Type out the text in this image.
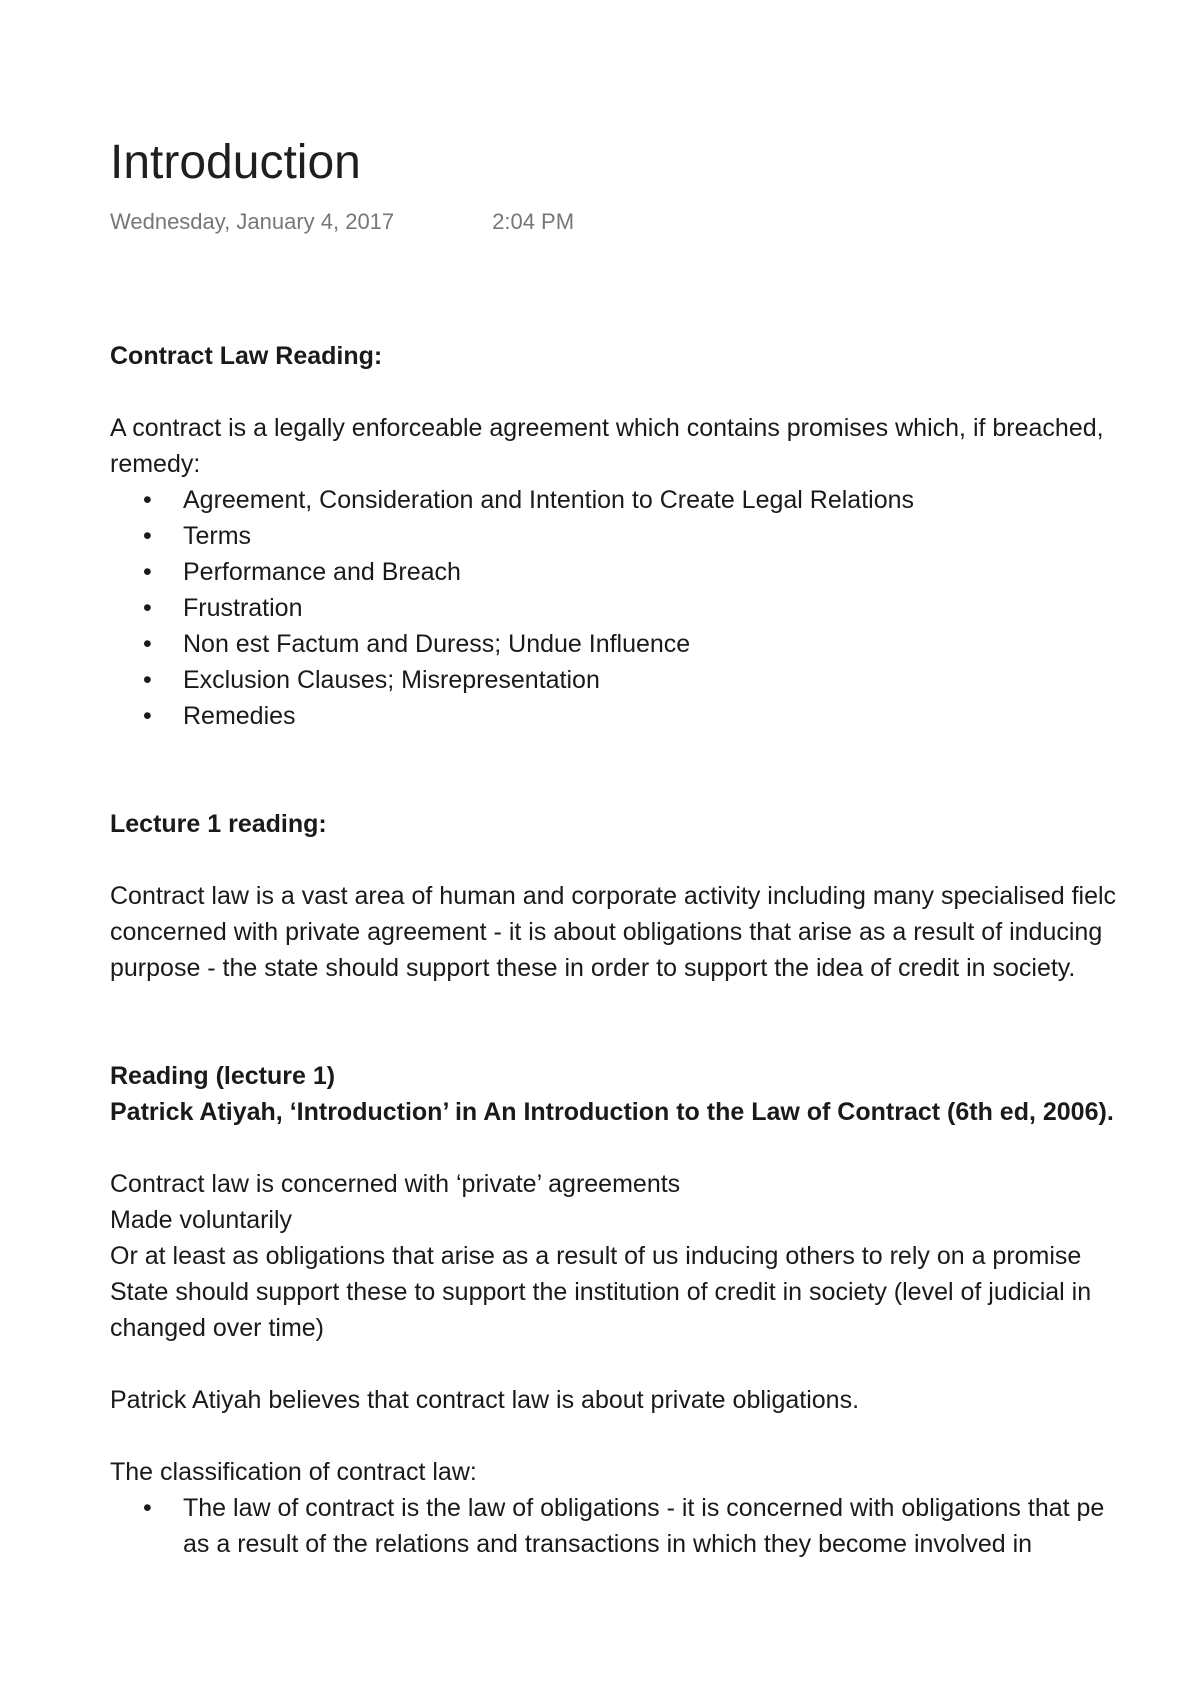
Introduction
Wednesday, January 4, 2017	2:04 PM
Contract Law Reading:
A contract is a legally enforceable agreement which contains promises which, if breached,
remedy:
• Agreement, Consideration and Intention to Create Legal Relations
• Terms
• Performance and Breach
• Frustration
• Non est Factum and Duress; Undue Influence
• Exclusion Clauses; Misrepresentation
• Remedies
Lecture 1 reading:
Contract law is a vast area of human and corporate activity including many specialised fielc
concerned with private agreement - it is about obligations that arise as a result of inducing
purpose - the state should support these in order to support the idea of credit in society.
Reading (lecture 1)
Patrick Atiyah, ‘Introduction’ in An Introduction to the Law of Contract (6th ed, 2006).
Contract law is concerned with ‘private’ agreements
Made voluntarily
Or at least as obligations that arise as a result of us inducing others to rely on a promise
State should support these to support the institution of credit in society (level of judicial in
changed over time)
Patrick Atiyah believes that contract law is about private obligations.
The classification of contract law:
• The law of contract is the law of obligations - it is concerned with obligations that pe
as a result of the relations and transactions in which they become involved in
